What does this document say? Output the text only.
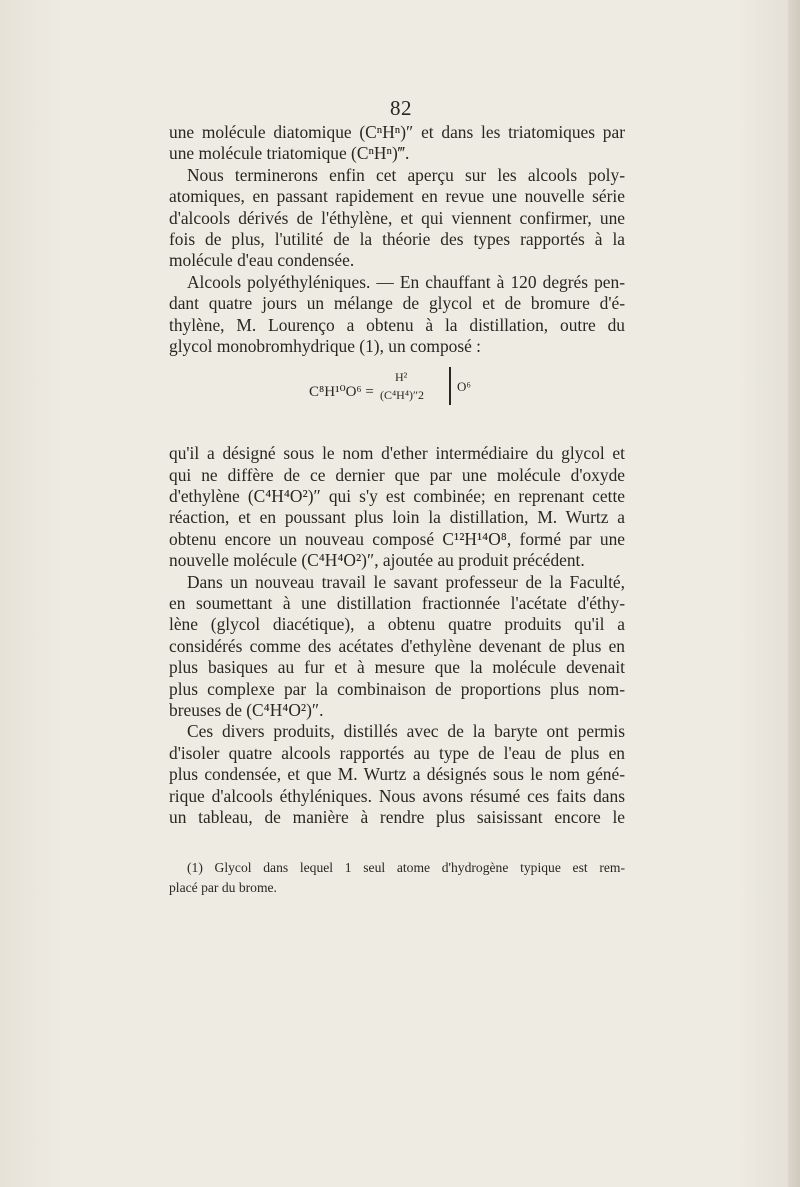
82
une molécule diatomique (CⁿHⁿ)″ et dans les triatomiques par
une molécule triatomique (CⁿHⁿ)‴.
Nous terminerons enfin cet aperçu sur les alcools poly-
atomiques, en passant rapidement en revue une nouvelle série
d'alcools dérivés de l'éthylène, et qui viennent confirmer, une
fois de plus, l'utilité de la théorie des types rapportés à la
molécule d'eau condensée.
Alcools polyéthyléniques. — En chauffant à 120 degrés pen-
dant quatre jours un mélange de glycol et de bromure d'é-
thylène, M. Lourenço a obtenu à la distillation, outre du
glycol monobromhydrique (1), un composé :
C⁸H¹⁰O⁶ =
H²
(C⁴H⁴)″2
O⁶
qu'il a désigné sous le nom d'ether intermédiaire du glycol et
qui ne diffère de ce dernier que par une molécule d'oxyde
d'ethylène (C⁴H⁴O²)″ qui s'y est combinée; en reprenant cette
réaction, et en poussant plus loin la distillation, M. Wurtz a
obtenu encore un nouveau composé C¹²H¹⁴O⁸, formé par une
nouvelle molécule (C⁴H⁴O²)″, ajoutée au produit précédent.
Dans un nouveau travail le savant professeur de la Faculté,
en soumettant à une distillation fractionnée l'acétate d'éthy-
lène (glycol diacétique), a obtenu quatre produits qu'il a
considérés comme des acétates d'ethylène devenant de plus en
plus basiques au fur et à mesure que la molécule devenait
plus complexe par la combinaison de proportions plus nom-
breuses de (C⁴H⁴O²)″.
Ces divers produits, distillés avec de la baryte ont permis
d'isoler quatre alcools rapportés au type de l'eau de plus en
plus condensée, et que M. Wurtz a désignés sous le nom géné-
rique d'alcools éthyléniques. Nous avons résumé ces faits dans
un tableau, de manière à rendre plus saisissant encore le
(1) Glycol dans lequel 1 seul atome d'hydrogène typique est rem-
placé par du brome.
